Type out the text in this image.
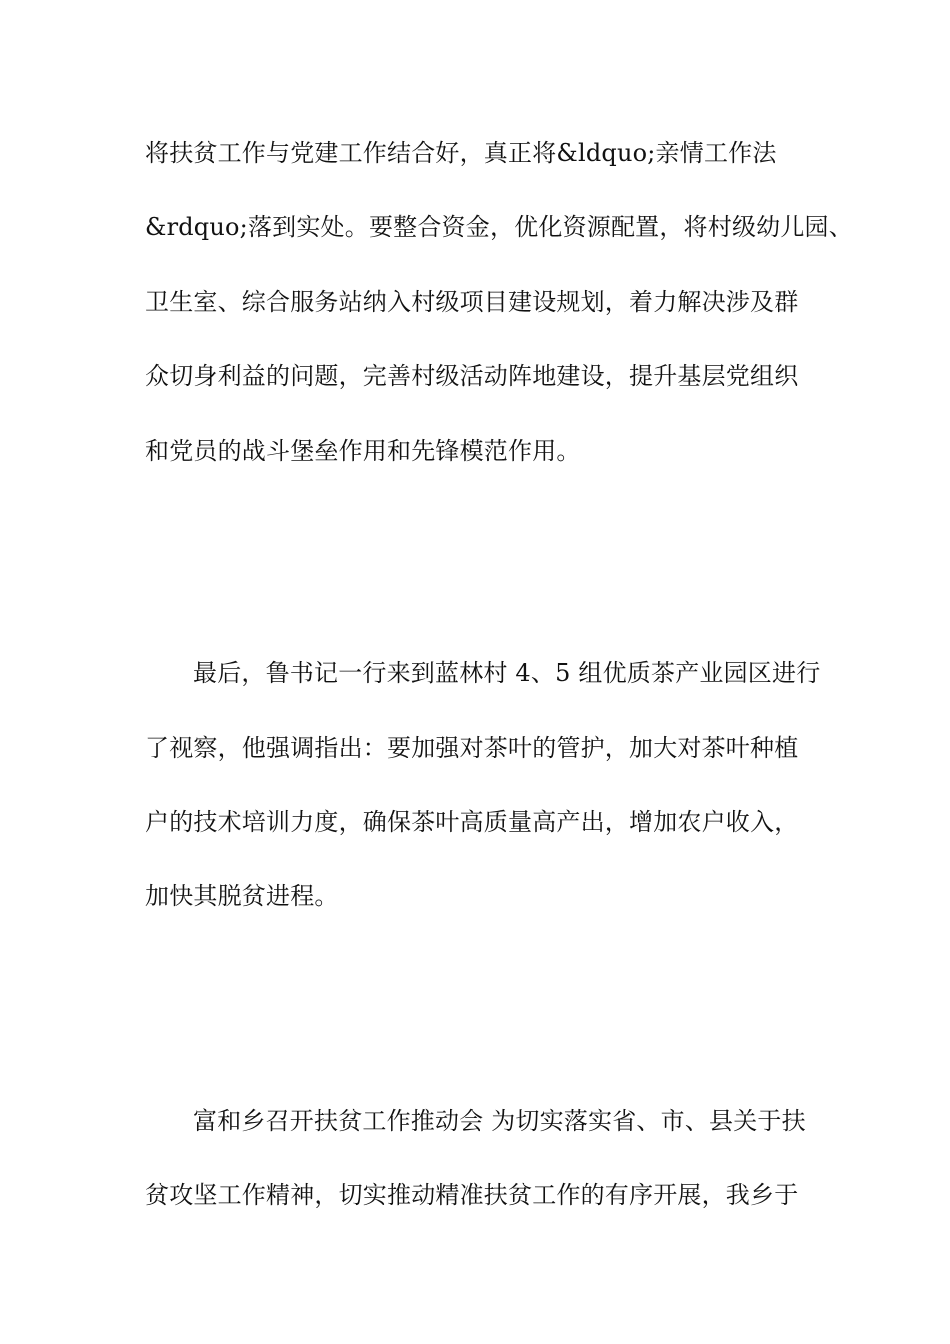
将扶贫工作与党建工作结合好，真正将&ldquo;亲情工作法
&rdquo;落到实处。要整合资金，优化资源配置，将村级幼儿园、
卫生室、综合服务站纳入村级项目建设规划，着力解决涉及群
众切身利益的问题，完善村级活动阵地建设，提升基层党组织
和党员的战斗堡垒作用和先锋模范作用。
最后，鲁书记一行来到蓝林村 4、5 组优质茶产业园区进行
了视察，他强调指出：要加强对茶叶的管护，加大对茶叶种植
户的技术培训力度，确保茶叶高质量高产出，增加农户收入，
加快其脱贫进程。
富和乡召开扶贫工作推动会 为切实落实省、市、县关于扶
贫攻坚工作精神，切实推动精准扶贫工作的有序开展，我乡于
